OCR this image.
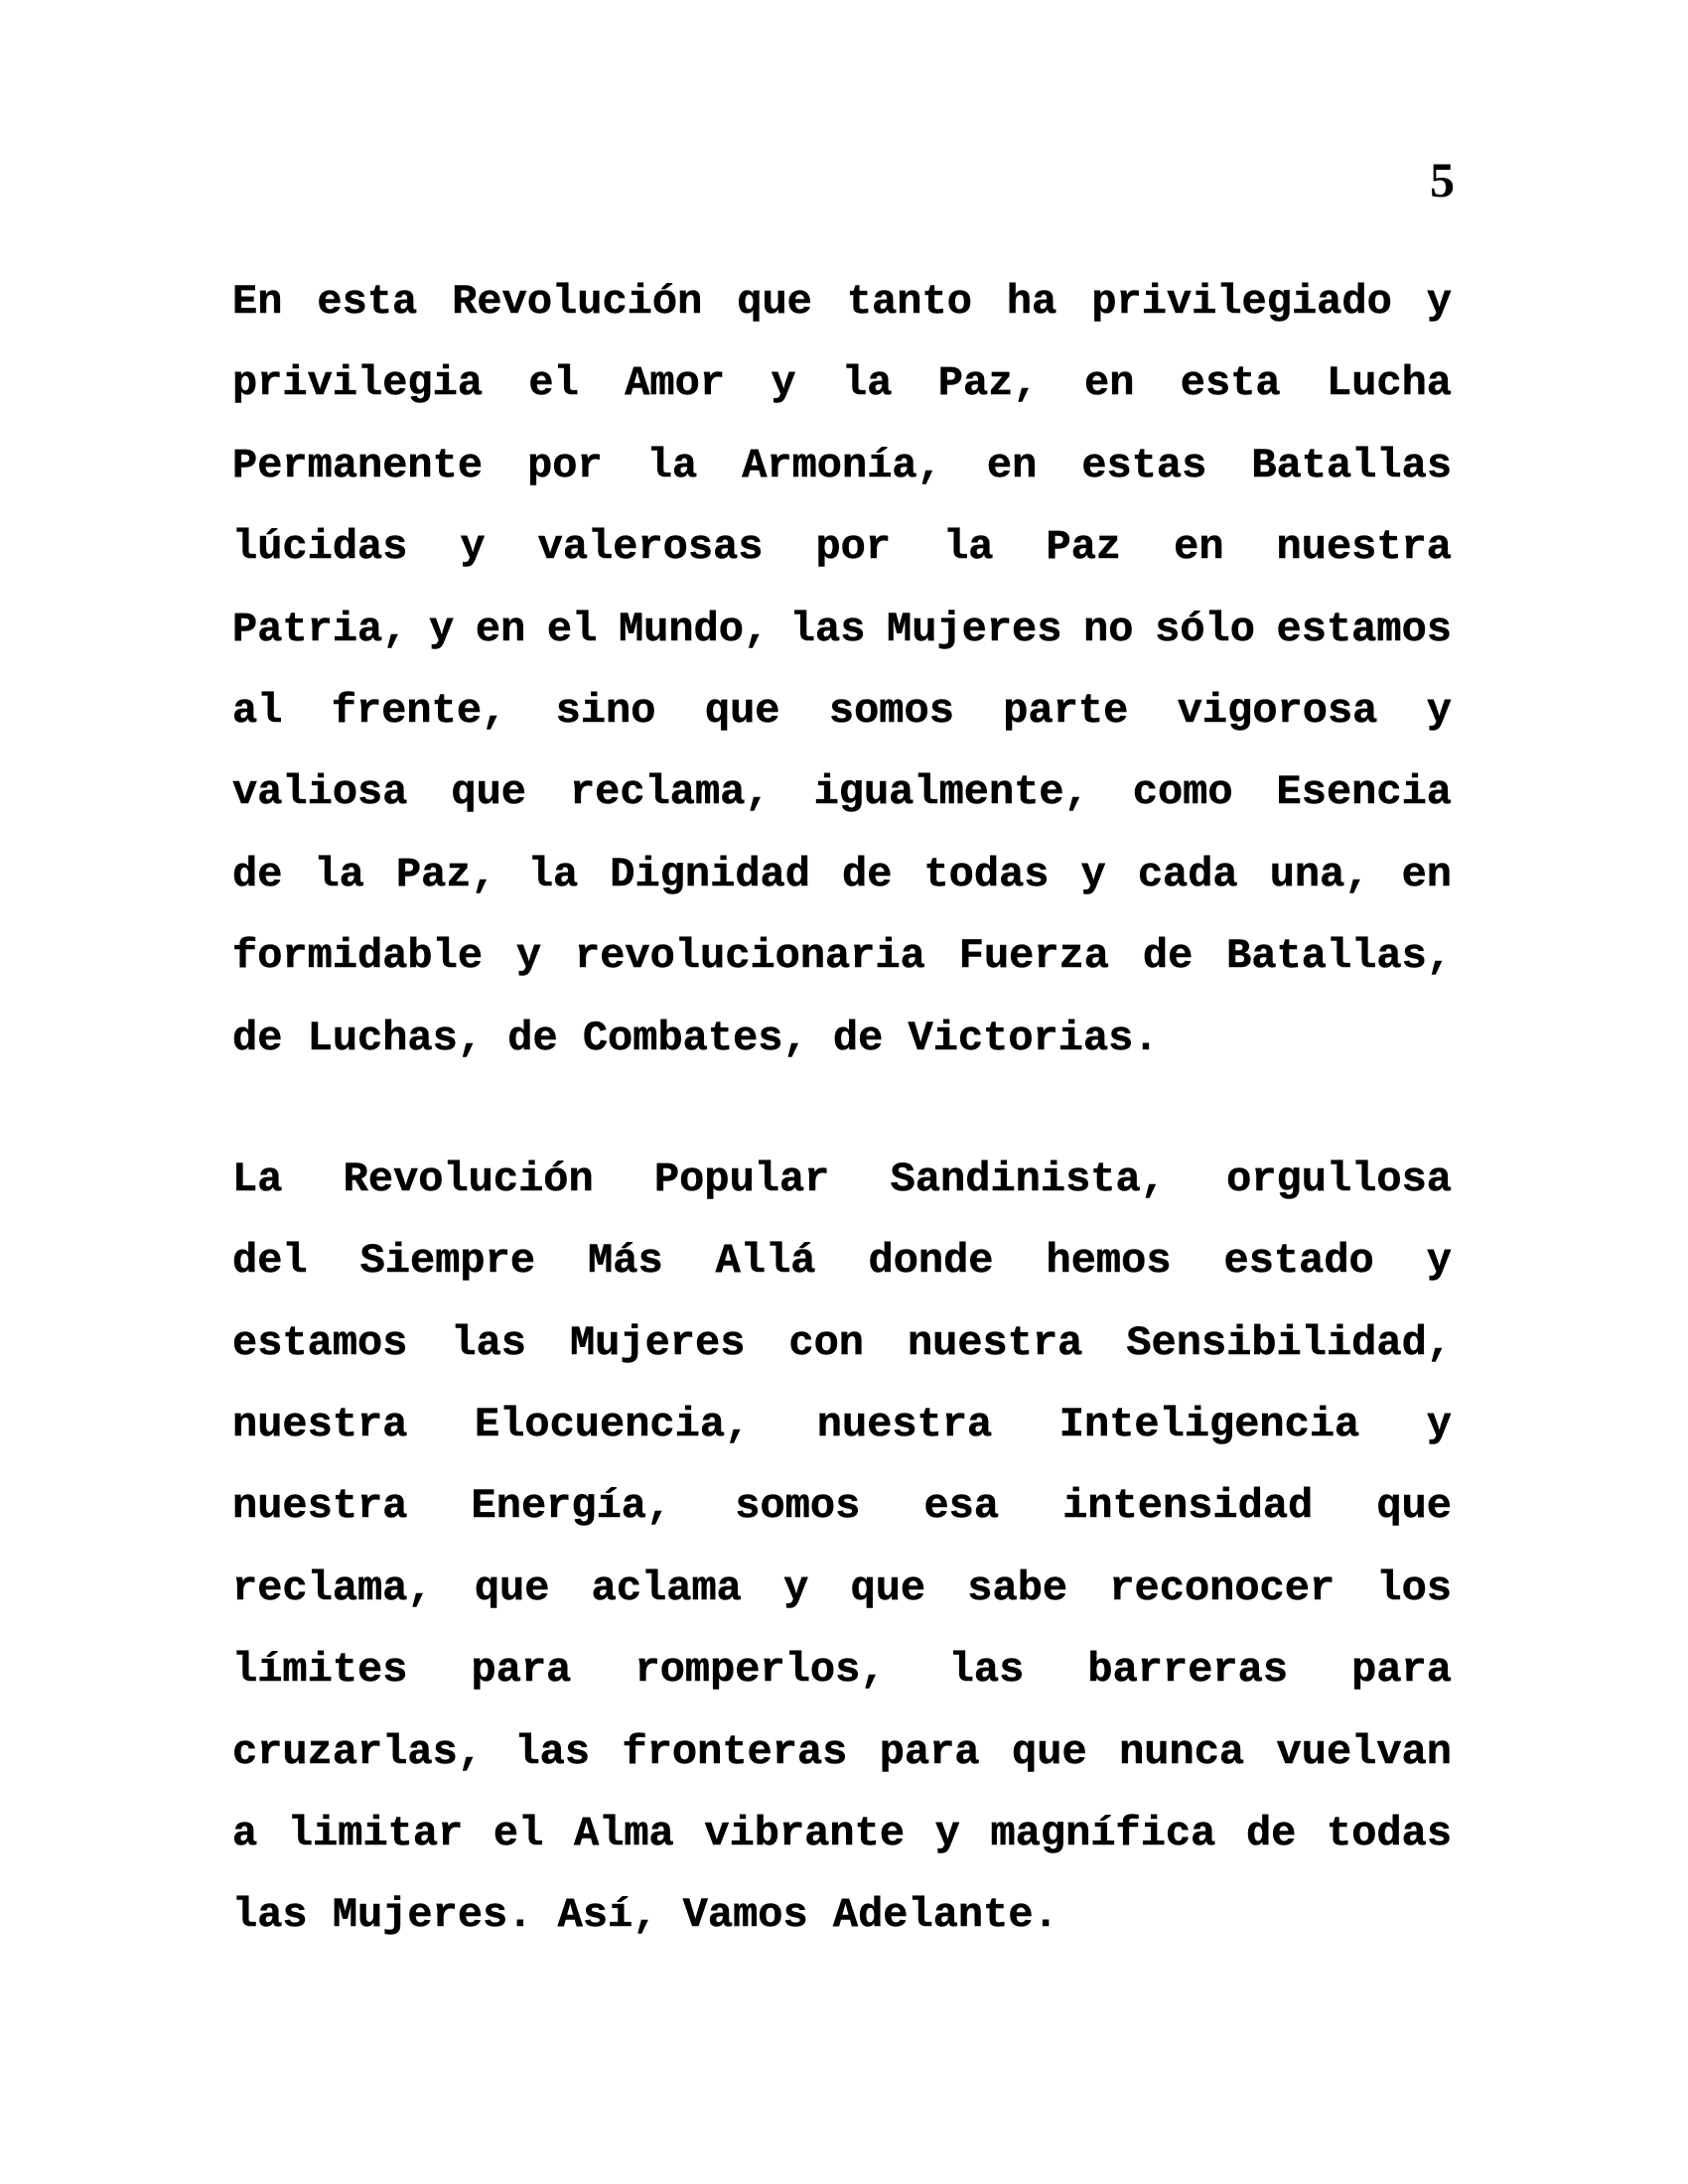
5
En esta Revolución que tanto ha privilegiado y
privilegia el Amor y la Paz, en esta Lucha
Permanente por la Armonía, en estas Batallas
lúcidas y valerosas por la Paz en nuestra
Patria, y en el Mundo, las Mujeres no sólo estamos
al frente, sino que somos parte vigorosa y
valiosa que reclama, igualmente, como Esencia
de la Paz, la Dignidad de todas y cada una, en
formidable y revolucionaria Fuerza de Batallas,
de Luchas, de Combates, de Victorias.
La Revolución Popular Sandinista, orgullosa
del Siempre Más Allá donde hemos estado y
estamos las Mujeres con nuestra Sensibilidad,
nuestra Elocuencia, nuestra Inteligencia y
nuestra Energía, somos esa intensidad que
reclama, que aclama y que sabe reconocer los
límites para romperlos, las barreras para
cruzarlas, las fronteras para que nunca vuelvan
a limitar el Alma vibrante y magnífica de todas
las Mujeres. Así, Vamos Adelante.
